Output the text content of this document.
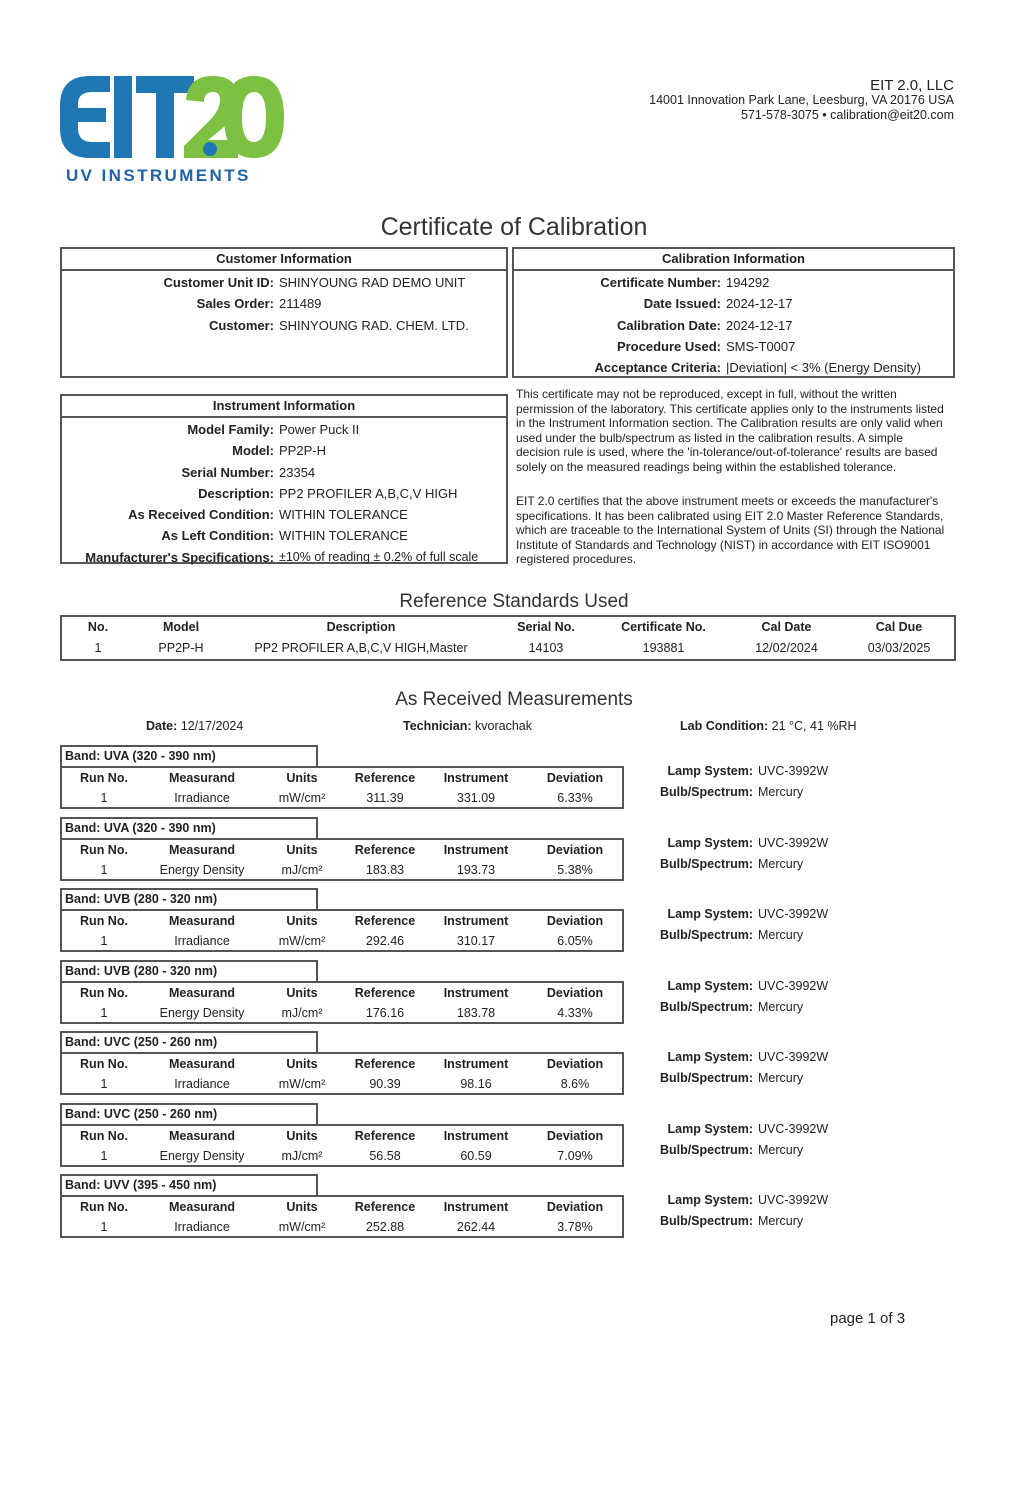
UV INSTRUMENTS
EIT 2.0, LLC
14001 Innovation Park Lane, Leesburg, VA 20176 USA
571-578-3075 • calibration@eit20.com
Certificate of Calibration
Customer Information
Customer Unit ID: SHINYOUNG RAD DEMO UNIT
Sales Order: 211489
Customer: SHINYOUNG RAD. CHEM. LTD.
Calibration Information
Certificate Number: 194292
Date Issued: 2024-12-17
Calibration Date: 2024-12-17
Procedure Used: SMS-T0007
Acceptance Criteria: |Deviation| < 3% (Energy Density)
Instrument Information
Model Family: Power Puck II
Model: PP2P-H
Serial Number: 23354
Description: PP2 PROFILER A,B,C,V HIGH
As Received Condition: WITHIN TOLERANCE
As Left Condition: WITHIN TOLERANCE
Manufacturer's Specifications: ±10% of reading ± 0.2% of full scale
This certificate may not be reproduced, except in full, without the written permission of the laboratory. This certificate applies only to the instruments listed in the Instrument Information section. The Calibration results are only valid when used under the bulb/spectrum as listed in the calibration results. A simple decision rule is used, where the 'in-tolerance/out-of-tolerance' results are based solely on the measured readings being within the established tolerance.
EIT 2.0 certifies that the above instrument meets or exceeds the manufacturer's specifications. It has been calibrated using EIT 2.0 Master Reference Standards, which are traceable to the International System of Units (SI) through the National Institute of Standards and Technology (NIST) in accordance with EIT ISO9001 registered procedures.
Reference Standards Used
No.	Model	Description	Serial No.	Certificate No.	Cal Date	Cal Due
1	PP2P-H	PP2 PROFILER A,B,C,V HIGH,Master	14103	193881	12/02/2024	03/03/2025
As Received Measurements
Date: 12/17/2024	Technician: kvorachak	Lab Condition: 21 °C, 41 %RH
Band: UVA (320 - 390 nm)
Run No.	Measurand	Units	Reference	Instrument	Deviation
1	Irradiance	mW/cm²	311.39	331.09	6.33%
Lamp System: UVC-3992W
Bulb/Spectrum: Mercury
Band: UVA (320 - 390 nm)
Run No.	Measurand	Units	Reference	Instrument	Deviation
1	Energy Density	mJ/cm²	183.83	193.73	5.38%
Lamp System: UVC-3992W
Bulb/Spectrum: Mercury
Band: UVB (280 - 320 nm)
Run No.	Measurand	Units	Reference	Instrument	Deviation
1	Irradiance	mW/cm²	292.46	310.17	6.05%
Lamp System: UVC-3992W
Bulb/Spectrum: Mercury
Band: UVB (280 - 320 nm)
Run No.	Measurand	Units	Reference	Instrument	Deviation
1	Energy Density	mJ/cm²	176.16	183.78	4.33%
Lamp System: UVC-3992W
Bulb/Spectrum: Mercury
Band: UVC (250 - 260 nm)
Run No.	Measurand	Units	Reference	Instrument	Deviation
1	Irradiance	mW/cm²	90.39	98.16	8.6%
Lamp System: UVC-3992W
Bulb/Spectrum: Mercury
Band: UVC (250 - 260 nm)
Run No.	Measurand	Units	Reference	Instrument	Deviation
1	Energy Density	mJ/cm²	56.58	60.59	7.09%
Lamp System: UVC-3992W
Bulb/Spectrum: Mercury
Band: UVV (395 - 450 nm)
Run No.	Measurand	Units	Reference	Instrument	Deviation
1	Irradiance	mW/cm²	252.88	262.44	3.78%
Lamp System: UVC-3992W
Bulb/Spectrum: Mercury
page 1 of 3
